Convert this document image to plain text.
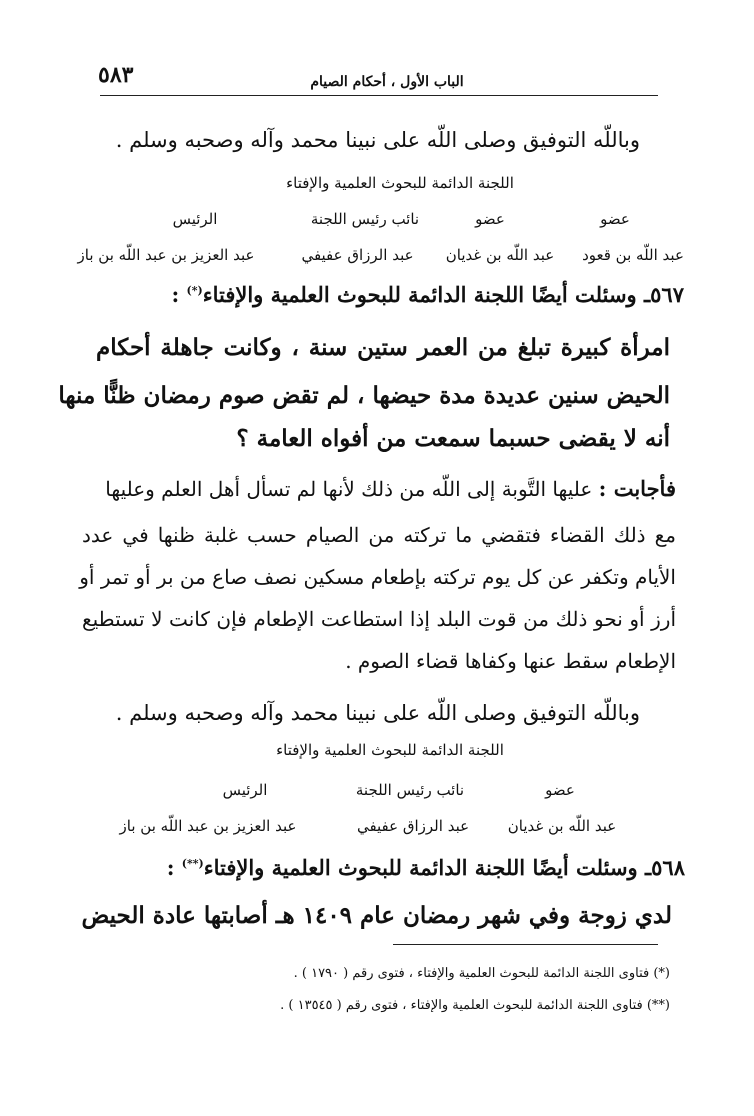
٥٨٣	الباب الأول ، أحكام الصيام
وباللّه التوفيق وصلى اللّه على نبينا محمد وآله وصحبه وسلم .
اللجنة الدائمة للبحوث العلمية والإفتاء
عضو
عضو
نائب رئيس اللجنة
الرئيس
عبد اللّه بن قعود
عبد اللّه بن غديان
عبد الرزاق عفيفي
عبد العزيز بن عبد اللّه بن باز
٥٦٧ـ وسئلت أيضًا اللجنة الدائمة للبحوث العلمية والإفتاء(*) :
امرأة كبيرة تبلغ من العمر ستين سنة ، وكانت جاهلة أحكام
الحيض سنين عديدة مدة حيضها ، لم تقض صوم رمضان ظنًّا منها
أنه لا يقضى حسبما سمعت من أفواه العامة ؟
فأجابت : عليها التَّوبة إلى اللّه من ذلك لأنها لم تسأل أهل العلم وعليها
مع ذلك القضاء فتقضي ما تركته من الصيام حسب غلبة ظنها في عدد
الأيام وتكفر عن كل يوم تركته بإطعام مسكين نصف صاع من بر أو تمر أو
أرز أو نحو ذلك من قوت البلد إذا استطاعت الإطعام فإن كانت لا تستطيع
الإطعام سقط عنها وكفاها قضاء الصوم .
وباللّه التوفيق وصلى اللّه على نبينا محمد وآله وصحبه وسلم .
اللجنة الدائمة للبحوث العلمية والإفتاء
عضو
نائب رئيس اللجنة
الرئيس
عبد اللّه بن غديان
عبد الرزاق عفيفي
عبد العزيز بن عبد اللّه بن باز
٥٦٨ـ وسئلت أيضًا اللجنة الدائمة للبحوث العلمية والإفتاء(**) :
لدي زوجة وفي شهر رمضان عام ١٤٠٩ هـ أصابتها عادة الحيض
(*) فتاوى اللجنة الدائمة للبحوث العلمية والإفتاء ، فتوى رقم ( ١٧٩٠ ) .
(**) فتاوى اللجنة الدائمة للبحوث العلمية والإفتاء ، فتوى رقم ( ١٣٥٤٥ ) .
